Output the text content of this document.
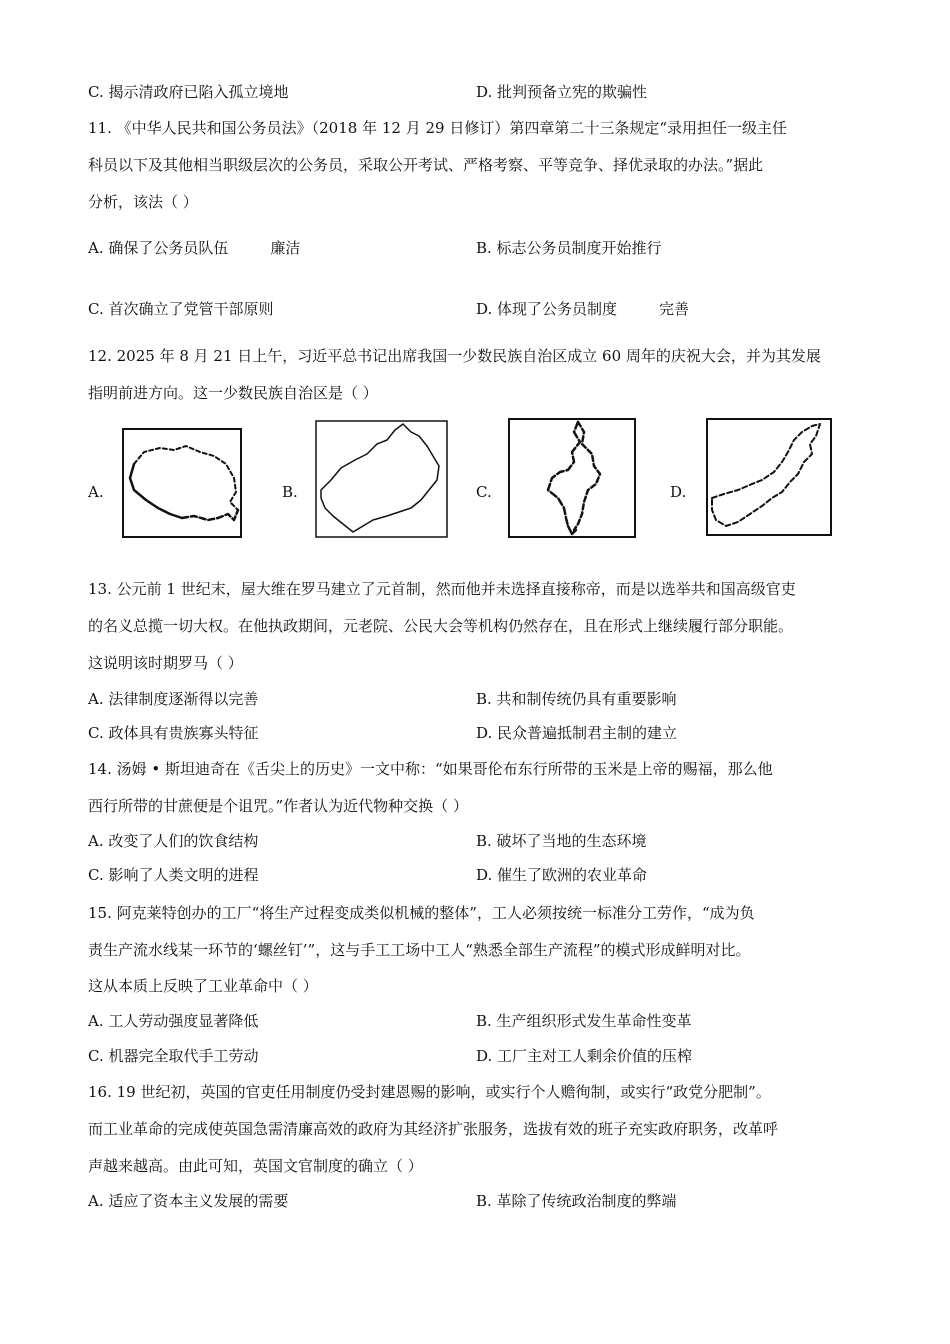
C. 揭示清政府已陷入孤立境地	D. 批判预备立宪的欺骗性
11. 《中华人民共和国公务员法》（2018 年 12 月 29 日修订）第四章第二十三条规定“录用担任一级主任
科员以下及其他相当职级层次的公务员，采取公开考试、严格考察、平等竞争、择优录取的办法。”据此
分析，该法（ ）
A. 确保了公务员队伍	廉洁	B. 标志公务员制度开始推行
C. 首次确立了党管干部原则	D. 体现了公务员制度	完善
12. 2025 年 8 月 21 日上午，习近平总书记出席我国一少数民族自治区成立 60 周年的庆祝大会，并为其发展
指明前进方向。这一少数民族自治区是（ ）
A.	B.	C.	D.
13. 公元前 1 世纪末，屋大维在罗马建立了元首制，然而他并未选择直接称帝，而是以选举共和国高级官吏
的名义总揽一切大权。在他执政期间，元老院、公民大会等机构仍然存在，且在形式上继续履行部分职能。
这说明该时期罗马（ ）
A. 法律制度逐渐得以完善	B. 共和制传统仍具有重要影响
C. 政体具有贵族寡头特征	D. 民众普遍抵制君主制的建立
14. 汤姆 • 斯坦迪奇在《舌尖上的历史》一文中称：“如果哥伦布东行所带的玉米是上帝的赐福，那么他
西行所带的甘蔗便是个诅咒。”作者认为近代物种交换（ ）
A. 改变了人们的饮食结构	B. 破坏了当地的生态环境
C. 影响了人类文明的进程	D. 催生了欧洲的农业革命
15. 阿克莱特创办的工厂“将生产过程变成类似机械的整体”，工人必须按统一标准分工劳作，“成为负
责生产流水线某一环节的‘螺丝钉’”，这与手工工场中工人“熟悉全部生产流程”的模式形成鲜明对比。
这从本质上反映了工业革命中（ ）
A. 工人劳动强度显著降低	B. 生产组织形式发生革命性变革
C. 机器完全取代手工劳动	D. 工厂主对工人剩余价值的压榨
16. 19 世纪初，英国的官吏任用制度仍受封建恩赐的影响，或实行个人赡徇制，或实行“政党分肥制”。
而工业革命的完成使英国急需清廉高效的政府为其经济扩张服务，选拔有效的班子充实政府职务，改革呼
声越来越高。由此可知，英国文官制度的确立（ ）
A. 适应了资本主义发展的需要	B. 革除了传统政治制度的弊端
